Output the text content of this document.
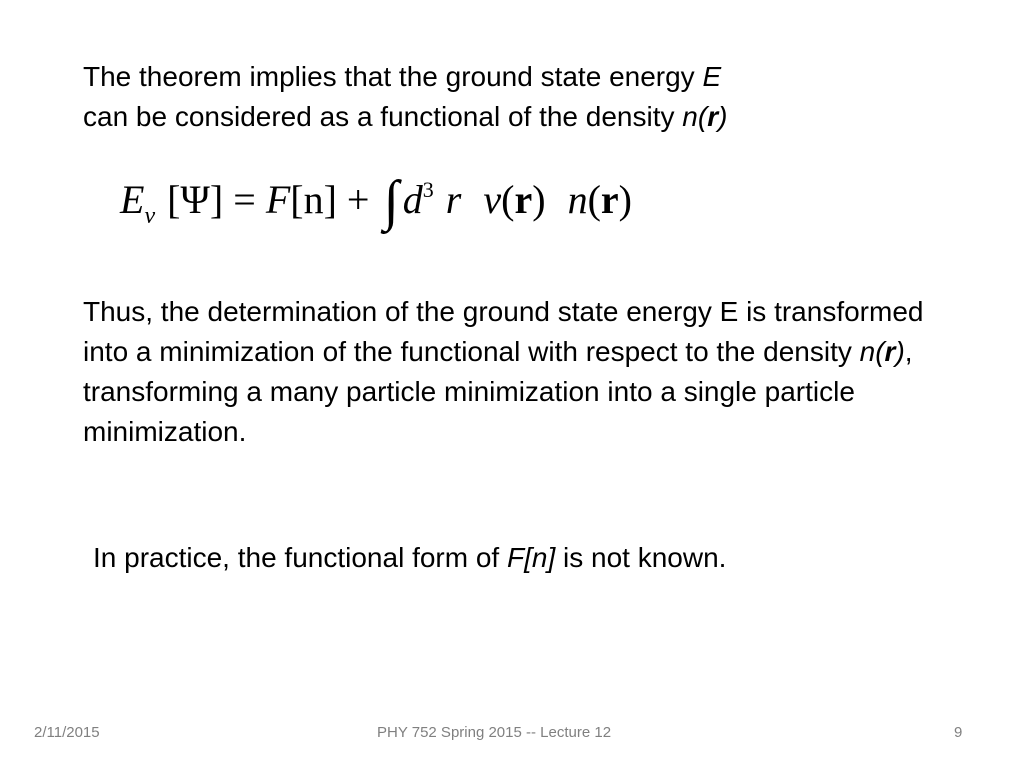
The theorem implies that the ground state energy E
can be considered as a functional of the density n(r)

Ev [Ψ] = F[n] + ∫ d3 r v(r) n(r)

Thus, the determination of the ground state energy E is transformed into a minimization of the functional with respect to the density n(r), transforming a many particle minimization into a single particle minimization.

In practice, the functional form of F[n] is not known.

2/11/2015	PHY 752 Spring 2015 -- Lecture 12	9
